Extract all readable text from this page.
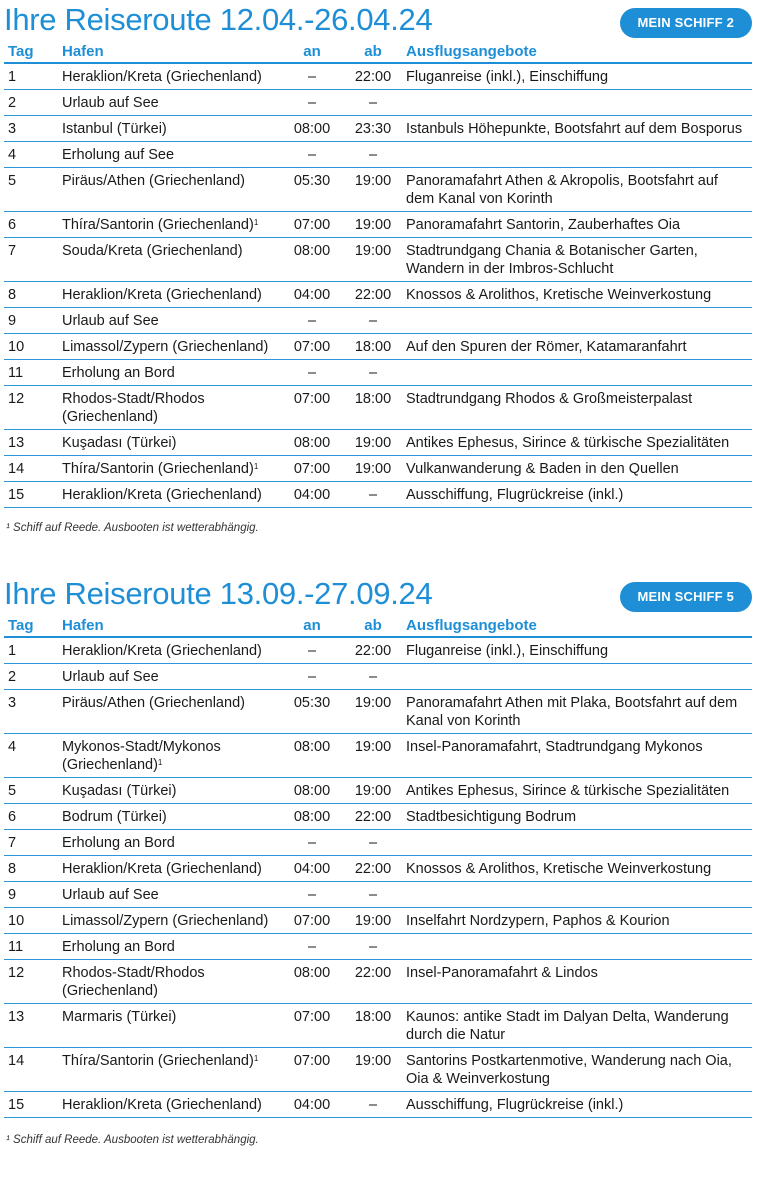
Ihre Reiseroute 12.04.-26.04.24	MEIN SCHIFF 2
Tag	Hafen	an	ab	Ausflugsangebote
1	Heraklion/Kreta (Griechenland)	–	22:00	Fluganreise (inkl.), Einschiffung
2	Urlaub auf See	–	–	
3	Istanbul (Türkei)	08:00	23:30	Istanbuls Höhepunkte, Bootsfahrt auf dem Bosporus
4	Erholung auf See	–	–	
5	Piräus/Athen (Griechenland)	05:30	19:00	Panoramafahrt Athen & Akropolis, Bootsfahrt auf dem Kanal von Korinth
6	Thíra/Santorin (Griechenland)$^1$	07:00	19:00	Panoramafahrt Santorin, Zauberhaftes Oia
7	Souda/Kreta (Griechenland)	08:00	19:00	Stadtrundgang Chania & Botanischer Garten, Wandern in der Imbros-Schlucht
8	Heraklion/Kreta (Griechenland)	04:00	22:00	Knossos & Arolithos, Kretische Weinverkostung
9	Urlaub auf See	–	–	
10	Limassol/Zypern (Griechenland)	07:00	18:00	Auf den Spuren der Römer, Katamaranfahrt
11	Erholung an Bord	–	–	
12	Rhodos-Stadt/Rhodos (Griechenland)	07:00	18:00	Stadtrundgang Rhodos & Großmeisterpalast
13	Kuşadası (Türkei)	08:00	19:00	Antikes Ephesus, Sirince & türkische Spezialitäten
14	Thíra/Santorin (Griechenland)$^1$	07:00	19:00	Vulkanwanderung & Baden in den Quellen
15	Heraklion/Kreta (Griechenland)	04:00	–	Ausschiffung, Flugrückreise (inkl.)
¹ Schiff auf Reede. Ausbooten ist wetterabhängig.
Ihre Reiseroute 13.09.-27.09.24	MEIN SCHIFF 5
Tag	Hafen	an	ab	Ausflugsangebote
1	Heraklion/Kreta (Griechenland)	–	22:00	Fluganreise (inkl.), Einschiffung
2	Urlaub auf See	–	–	
3	Piräus/Athen (Griechenland)	05:30	19:00	Panoramafahrt Athen mit Plaka, Bootsfahrt auf dem Kanal von Korinth
4	Mykonos-Stadt/Mykonos (Griechenland)$^1$	08:00	19:00	Insel-Panoramafahrt, Stadtrundgang Mykonos
5	Kuşadası (Türkei)	08:00	19:00	Antikes Ephesus, Sirince & türkische Spezialitäten
6	Bodrum (Türkei)	08:00	22:00	Stadtbesichtigung Bodrum
7	Erholung an Bord	–	–	
8	Heraklion/Kreta (Griechenland)	04:00	22:00	Knossos & Arolithos, Kretische Weinverkostung
9	Urlaub auf See	–	–	
10	Limassol/Zypern (Griechenland)	07:00	19:00	Inselfahrt Nordzypern, Paphos & Kourion
11	Erholung an Bord	–	–	
12	Rhodos-Stadt/Rhodos (Griechenland)	08:00	22:00	Insel-Panoramafahrt & Lindos
13	Marmaris (Türkei)	07:00	18:00	Kaunos: antike Stadt im Dalyan Delta, Wanderung durch die Natur
14	Thíra/Santorin (Griechenland)$^1$	07:00	19:00	Santorins Postkartenmotive, Wanderung nach Oia, Oia & Weinverkostung
15	Heraklion/Kreta (Griechenland)	04:00	–	Ausschiffung, Flugrückreise (inkl.)
¹ Schiff auf Reede. Ausbooten ist wetterabhängig.
